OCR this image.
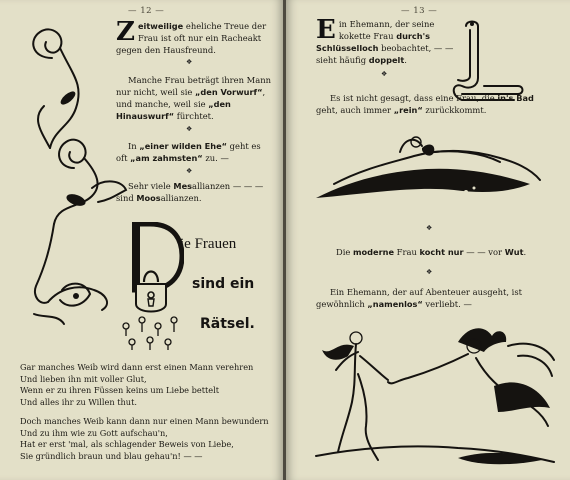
— 12 —

Zeitweilige eheliche Treue der Frau ist oft nur ein Racheakt gegen den Hausfreund.

❖

Manche Frau beträgt ihren Mann nur nicht, weil sie „den Vorwurf“, und manche, weil sie „den Hinauswurf“ fürchtet.

❖

In „einer wilden Ehe“ geht es oft „am zahmsten“ zu. —

❖

Sehr viele Mesallianzen — — — sind Moosallianzen.

ie Frauen
sind ein
Rätsel.
Gar manches Weib wird dann erst einen Mann verehren
Und lieben ihn mit voller Glut,
Wenn er zu ihren Füssen keins um Liebe bettelt
Und alles ihr zu Willen thut.
Doch manches Weib kann dann nur einen Mann bewundern
Und zu ihm wie zu Gott aufschau'n,
Hat er erst 'mal, als schlagender Beweis von Liebe,
Sie gründlich braun und blau gehau'n! — —
— 13 —

Ein Ehemann, der seine kokette Frau durch's Schlüsselloch beobachtet, — — sieht häufig doppelt.

❖

Es ist nicht gesagt, dass eine Frau, die in's Bad geht, auch immer „rein“ zurückkommt.

❖

Die moderne Frau kocht nur — — vor Wut.

❖

Ein Ehemann, der auf Abenteuer ausgeht, ist gewöhnlich „namenlos“ verliebt. —
